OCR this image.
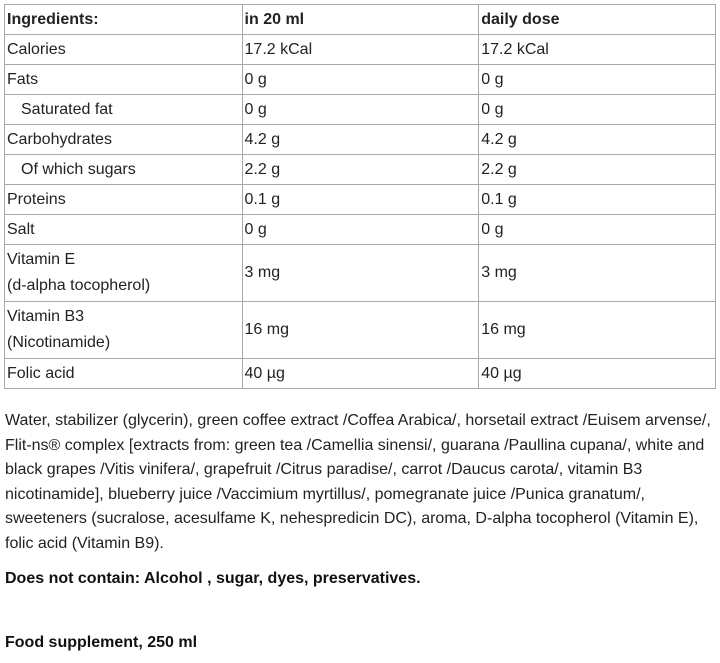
Ingredients:	in 20 ml	daily dose
Calories	17.2 kCal	17.2 kCal
Fats	0 g	0 g
Saturated fat	0 g	0 g
Carbohydrates	4.2 g	4.2 g
Of which sugars	2.2 g	2.2 g
Proteins	0.1 g	0.1 g
Salt	0 g	0 g
Vitamin E
(d-alpha tocopherol)	3 mg	3 mg
Vitamin B3
(Nicotinamide)	16 mg	16 mg
Folic acid	40 µg	40 µg

Water, stabilizer (glycerin), green coffee extract /Coffea Arabica/, horsetail extract /Euisem arvense/, Flit-ns® complex [extracts from: green tea /Camellia sinensi/, guarana /Paullina cupana/, white and black grapes /Vitis vinifera/, grapefruit /Citrus paradise/, carrot /Daucus carota/, vitamin B3 nicotinamide], blueberry juice /Vaccimium myrtillus/, pomegranate juice /Punica granatum/, sweeteners (sucralose, acesulfame K, nehespredicin DC), aroma, D-alpha tocopherol (Vitamin E), folic acid (Vitamin B9).

Does not contain: Alcohol , sugar, dyes, preservatives.

Food supplement, 250 ml
